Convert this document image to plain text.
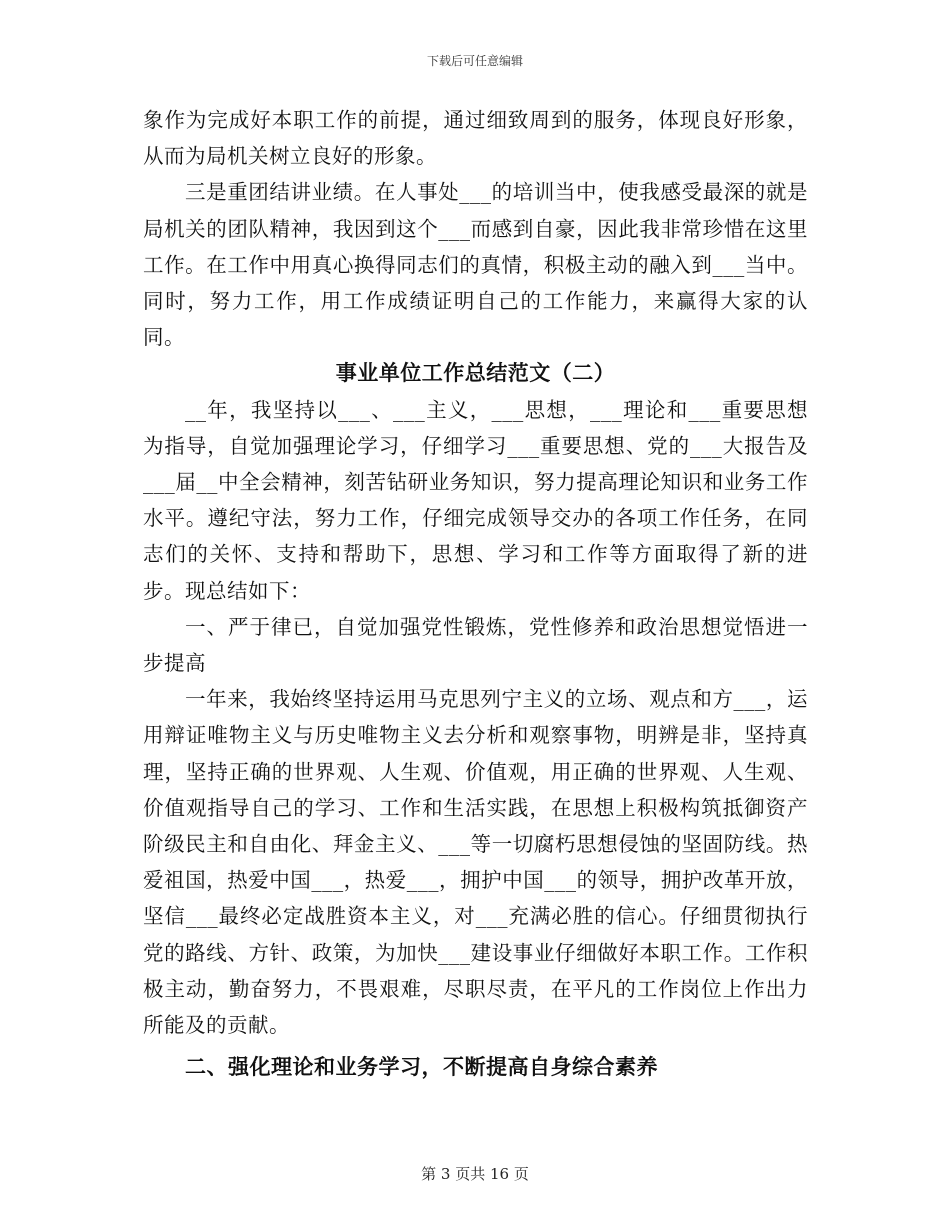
下载后可任意编辑

象作为完成好本职工作的前提，通过细致周到的服务，体现良好形象，从而为局机关树立良好的形象。

三是重团结讲业绩。在人事处___的培训当中，使我感受最深的就是局机关的团队精神，我因到这个___而感到自豪，因此我非常珍惜在这里工作。在工作中用真心换得同志们的真情，积极主动的融入到___当中。同时，努力工作，用工作成绩证明自己的工作能力，来赢得大家的认同。

事业单位工作总结范文（二）

__年，我坚持以___、___主义，___思想，___理论和___重要思想为指导，自觉加强理论学习，仔细学习___重要思想、党的___大报告及___届__中全会精神，刻苦钻研业务知识，努力提高理论知识和业务工作水平。遵纪守法，努力工作，仔细完成领导交办的各项工作任务，在同志们的关怀、支持和帮助下，思想、学习和工作等方面取得了新的进步。现总结如下：

一、严于律已，自觉加强党性锻炼，党性修养和政治思想觉悟进一步提高

一年来，我始终坚持运用马克思列宁主义的立场、观点和方___，运用辩证唯物主义与历史唯物主义去分析和观察事物，明辨是非，坚持真理，坚持正确的世界观、人生观、价值观，用正确的世界观、人生观、价值观指导自己的学习、工作和生活实践，在思想上积极构筑抵御资产阶级民主和自由化、拜金主义、___等一切腐朽思想侵蚀的坚固防线。热爱祖国，热爱中国___，热爱___，拥护中国___的领导，拥护改革开放，坚信___最终必定战胜资本主义，对___充满必胜的信心。仔细贯彻执行党的路线、方针、政策，为加快___建设事业仔细做好本职工作。工作积极主动，勤奋努力，不畏艰难，尽职尽责，在平凡的工作岗位上作出力所能及的贡献。

二、强化理论和业务学习，不断提高自身综合素养

第 3 页共 16 页
